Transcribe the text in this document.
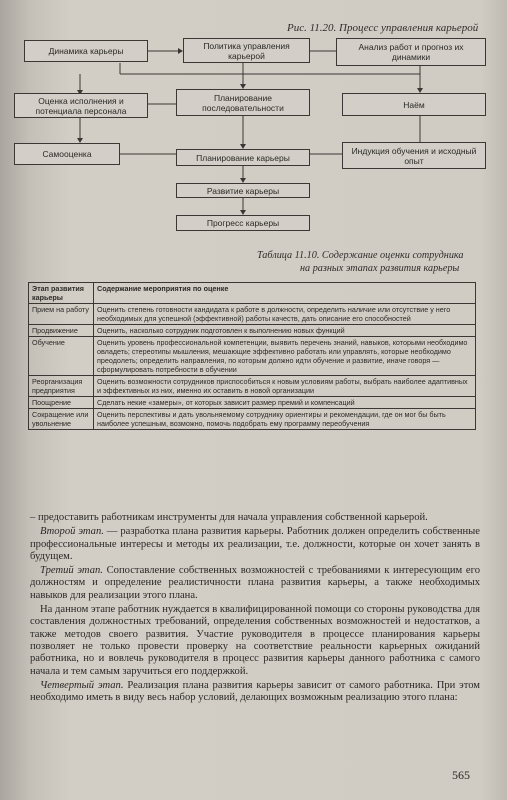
Рис. 11.20. Процесс управления карьерой
Динамика карьеры
Политика управления карьерой
Анализ работ и прогноз их динамики
Оценка исполнения и потенциала персонала
Планирование последовательности	Наём
Самооценка	Планирование карьеры
Индукция обучения и исходный опыт
Развитие карьеры
Прогресс карьеры
Таблица 11.10. Содержание оценки сотрудника
на разных этапах развития карьеры
Этап развития карьеры	Содержание мероприятия по оценке
Прием на работу	Оценить степень готовности кандидата к работе в должности, определить наличие или отсутствие у него необходимых для успешной (эффективной) работы качеств, дать описание его способностей
Продвижение	Оценить, насколько сотрудник подготовлен к выполнению новых функций
Обучение	Оценить уровень профессиональной компетенции, выявить перечень знаний, навыков, которыми необходимо овладеть; стереотипы мышления, мешающие эффективно работать или управлять, которые необходимо преодолеть; определить направления, по которым должно идти обучение и развитие, иначе говоря — сформулировать потребности в обучении
Реорганизация предприятия	Оценить возможности сотрудников приспособиться к новым условиям работы, выбрать наиболее адаптивных и эффективных из них, именно их оставить в новой организации
Поощрение	Сделать некие «замеры», от которых зависит размер премий и компенсаций
Сокращение или увольнение	Оценить перспективы и дать увольняемому сотруднику ориентиры и рекомендации, где он мог бы быть наиболее успешным, возможно, помочь подобрать ему программу переобучения

– предоставить работникам инструменты для начала управления собственной карьерой.

Второй этап. — разработка плана развития карьеры. Работник должен определить собственные профессиональные интересы и методы их реализации, т.е. должности, которые он хочет занять в будущем.

Третий этап. Сопоставление собственных возможностей с требованиями к интересующим его должностям и определение реалистичности плана развития карьеры, а также необходимых навыков для реализации этого плана.

На данном этапе работник нуждается в квалифицированной помощи со стороны руководства для составления должностных требований, определения собственных возможностей и недостатков, а также методов своего развития. Участие руководителя в процессе планирования карьеры позволяет не только провести проверку на соответствие реальности карьерных ожиданий работника, но и вовлечь руководителя в процесс развития карьеры данного работника с самого начала и тем самым заручиться его поддержкой.

Четвертый этап. Реализация плана развития карьеры зависит от самого работника. При этом необходимо иметь в виду весь набор условий, делающих возможным реализацию этого плана:

565
